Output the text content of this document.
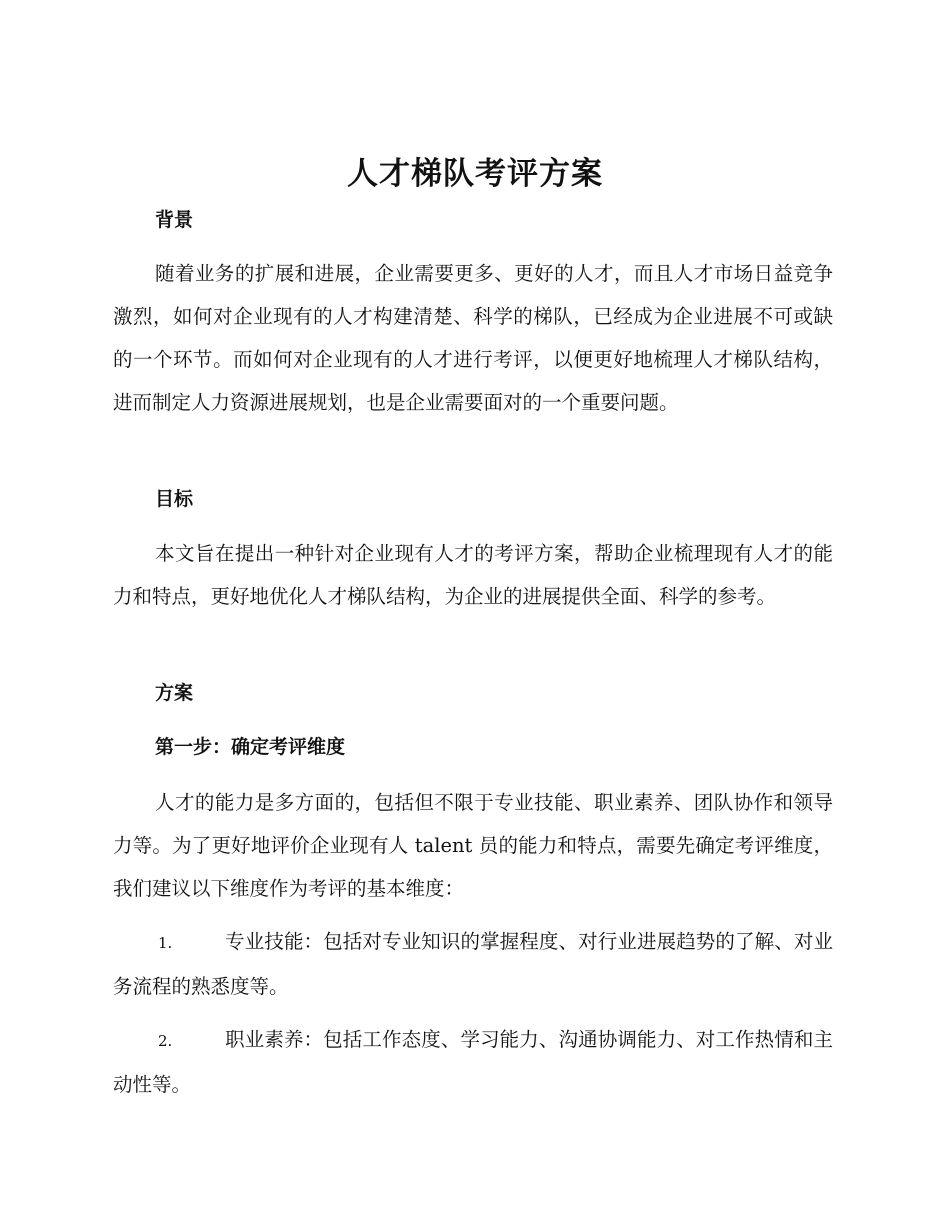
人才梯队考评方案
背景

随着业务的扩展和进展，企业需要更多、更好的人才，而且人才市场日益竞争激烈，如何对企业现有的人才构建清楚、科学的梯队，已经成为企业进展不可或缺的一个环节。而如何对企业现有的人才进行考评，以便更好地梳理人才梯队结构，进而制定人力资源进展规划，也是企业需要面对的一个重要问题。

目标

本文旨在提出一种针对企业现有人才的考评方案，帮助企业梳理现有人才的能力和特点，更好地优化人才梯队结构，为企业的进展提供全面、科学的参考。

方案
第一步：确定考评维度

人才的能力是多方面的，包括但不限于专业技能、职业素养、团队协作和领导力等。为了更好地评价企业现有人 talent 员的能力和特点，需要先确定考评维度，我们建议以下维度作为考评的基本维度：

1.	专业技能：包括对专业知识的掌握程度、对行业进展趋势的了解、对业务流程的熟悉度等。

2.	职业素养：包括工作态度、学习能力、沟通协调能力、对工作热情和主动性等。
